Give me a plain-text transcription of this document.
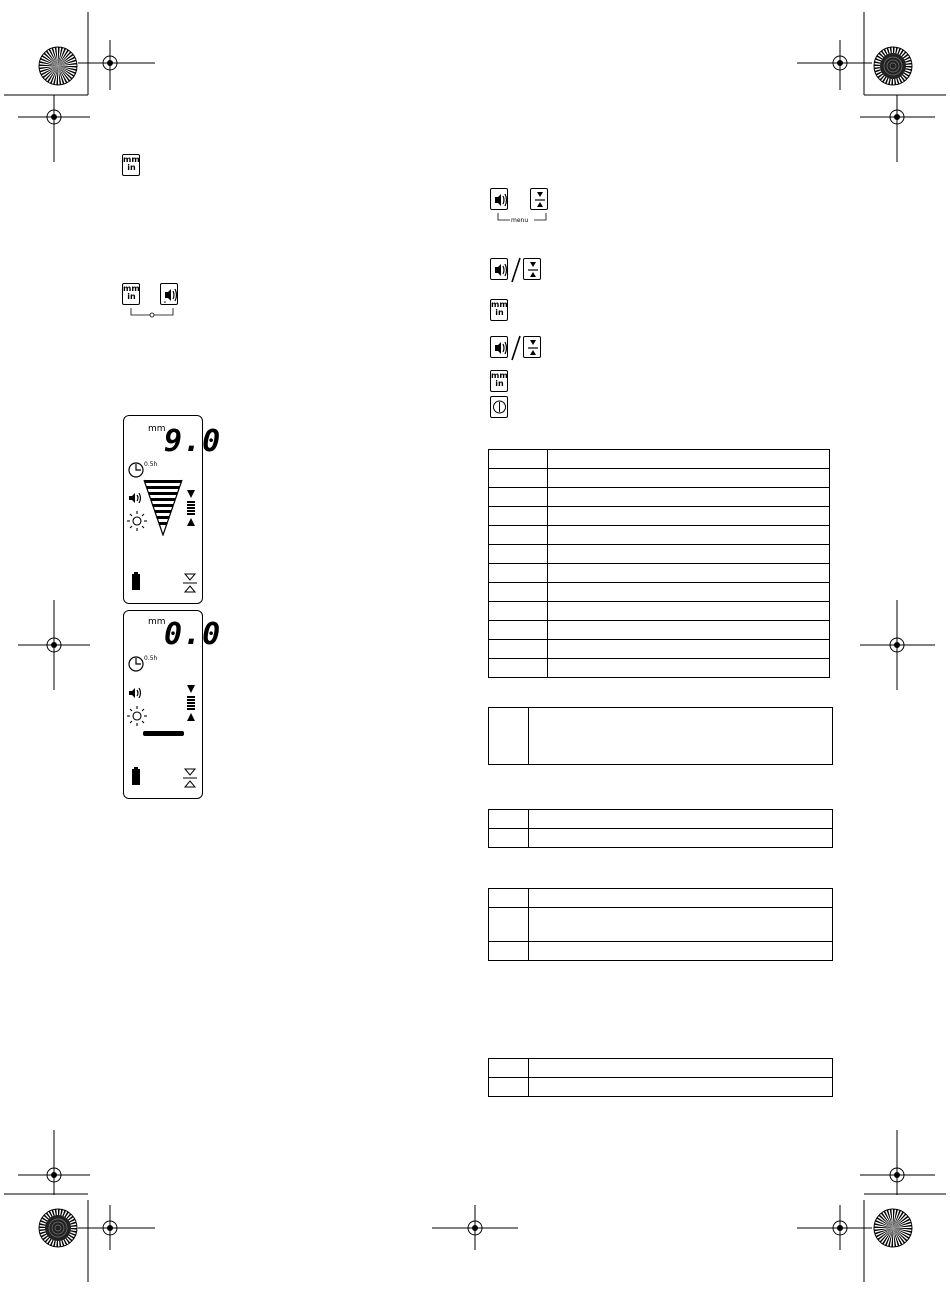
mm
in
mm
in
mm
9.0
0.5h
mm
0.0
0.5h
menu
mm
in
mm
in
